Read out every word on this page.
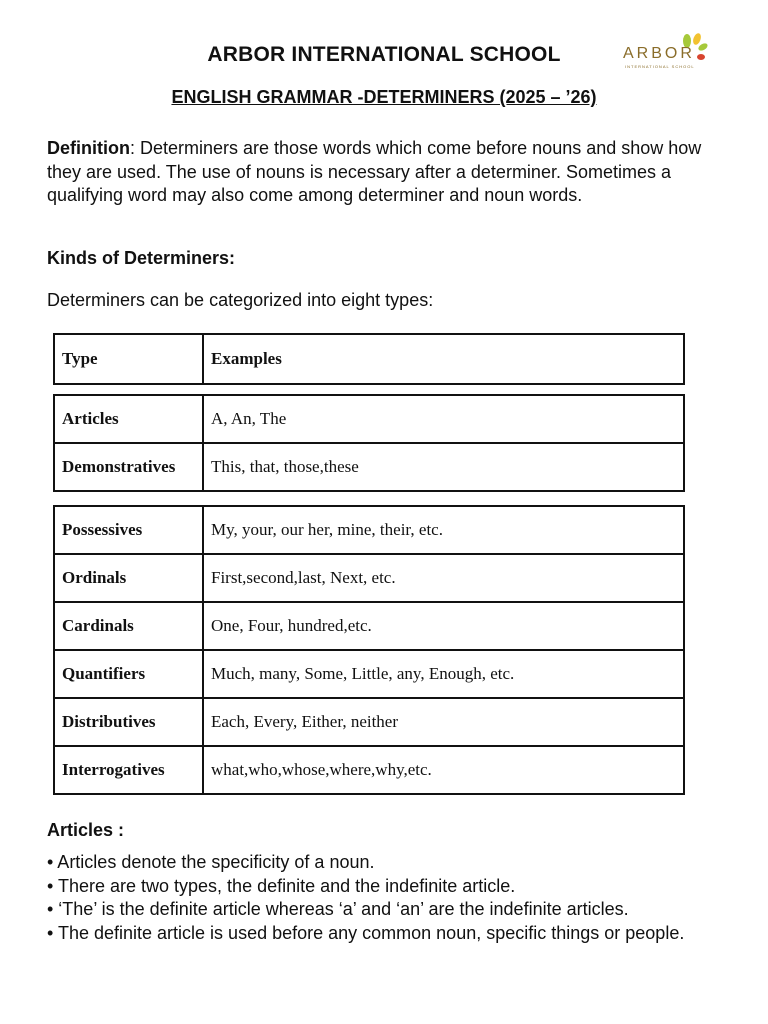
ARBOR INTERNATIONAL SCHOOL	ARBOR
INTERNATIONAL SCHOOL
ENGLISH GRAMMAR -DETERMINERS (2025 – ’26)
Definition: Determiners are those words which come before nouns and show how they are used. The use of nouns is necessary after a determiner. Sometimes a qualifying word may also come among determiner and noun words.
Kinds of Determiners:
Determiners can be categorized into eight types:
Type	Examples
Articles	A, An, The
Demonstratives	This, that, those,these
Possessives	My, your, our her, mine, their, etc.
Ordinals	First,second,last, Next, etc.
Cardinals	One, Four, hundred,etc.
Quantifiers	Much, many, Some, Little, any, Enough, etc.
Distributives	Each, Every, Either, neither
Interrogatives	what,who,whose,where,why,etc.
Articles :
• Articles denote the specificity of a noun.
• There are two types, the definite and the indefinite article.
• ‘The’ is the definite article whereas ‘a’ and ‘an’ are the indefinite articles.
• The definite article is used before any common noun, specific things or people.
